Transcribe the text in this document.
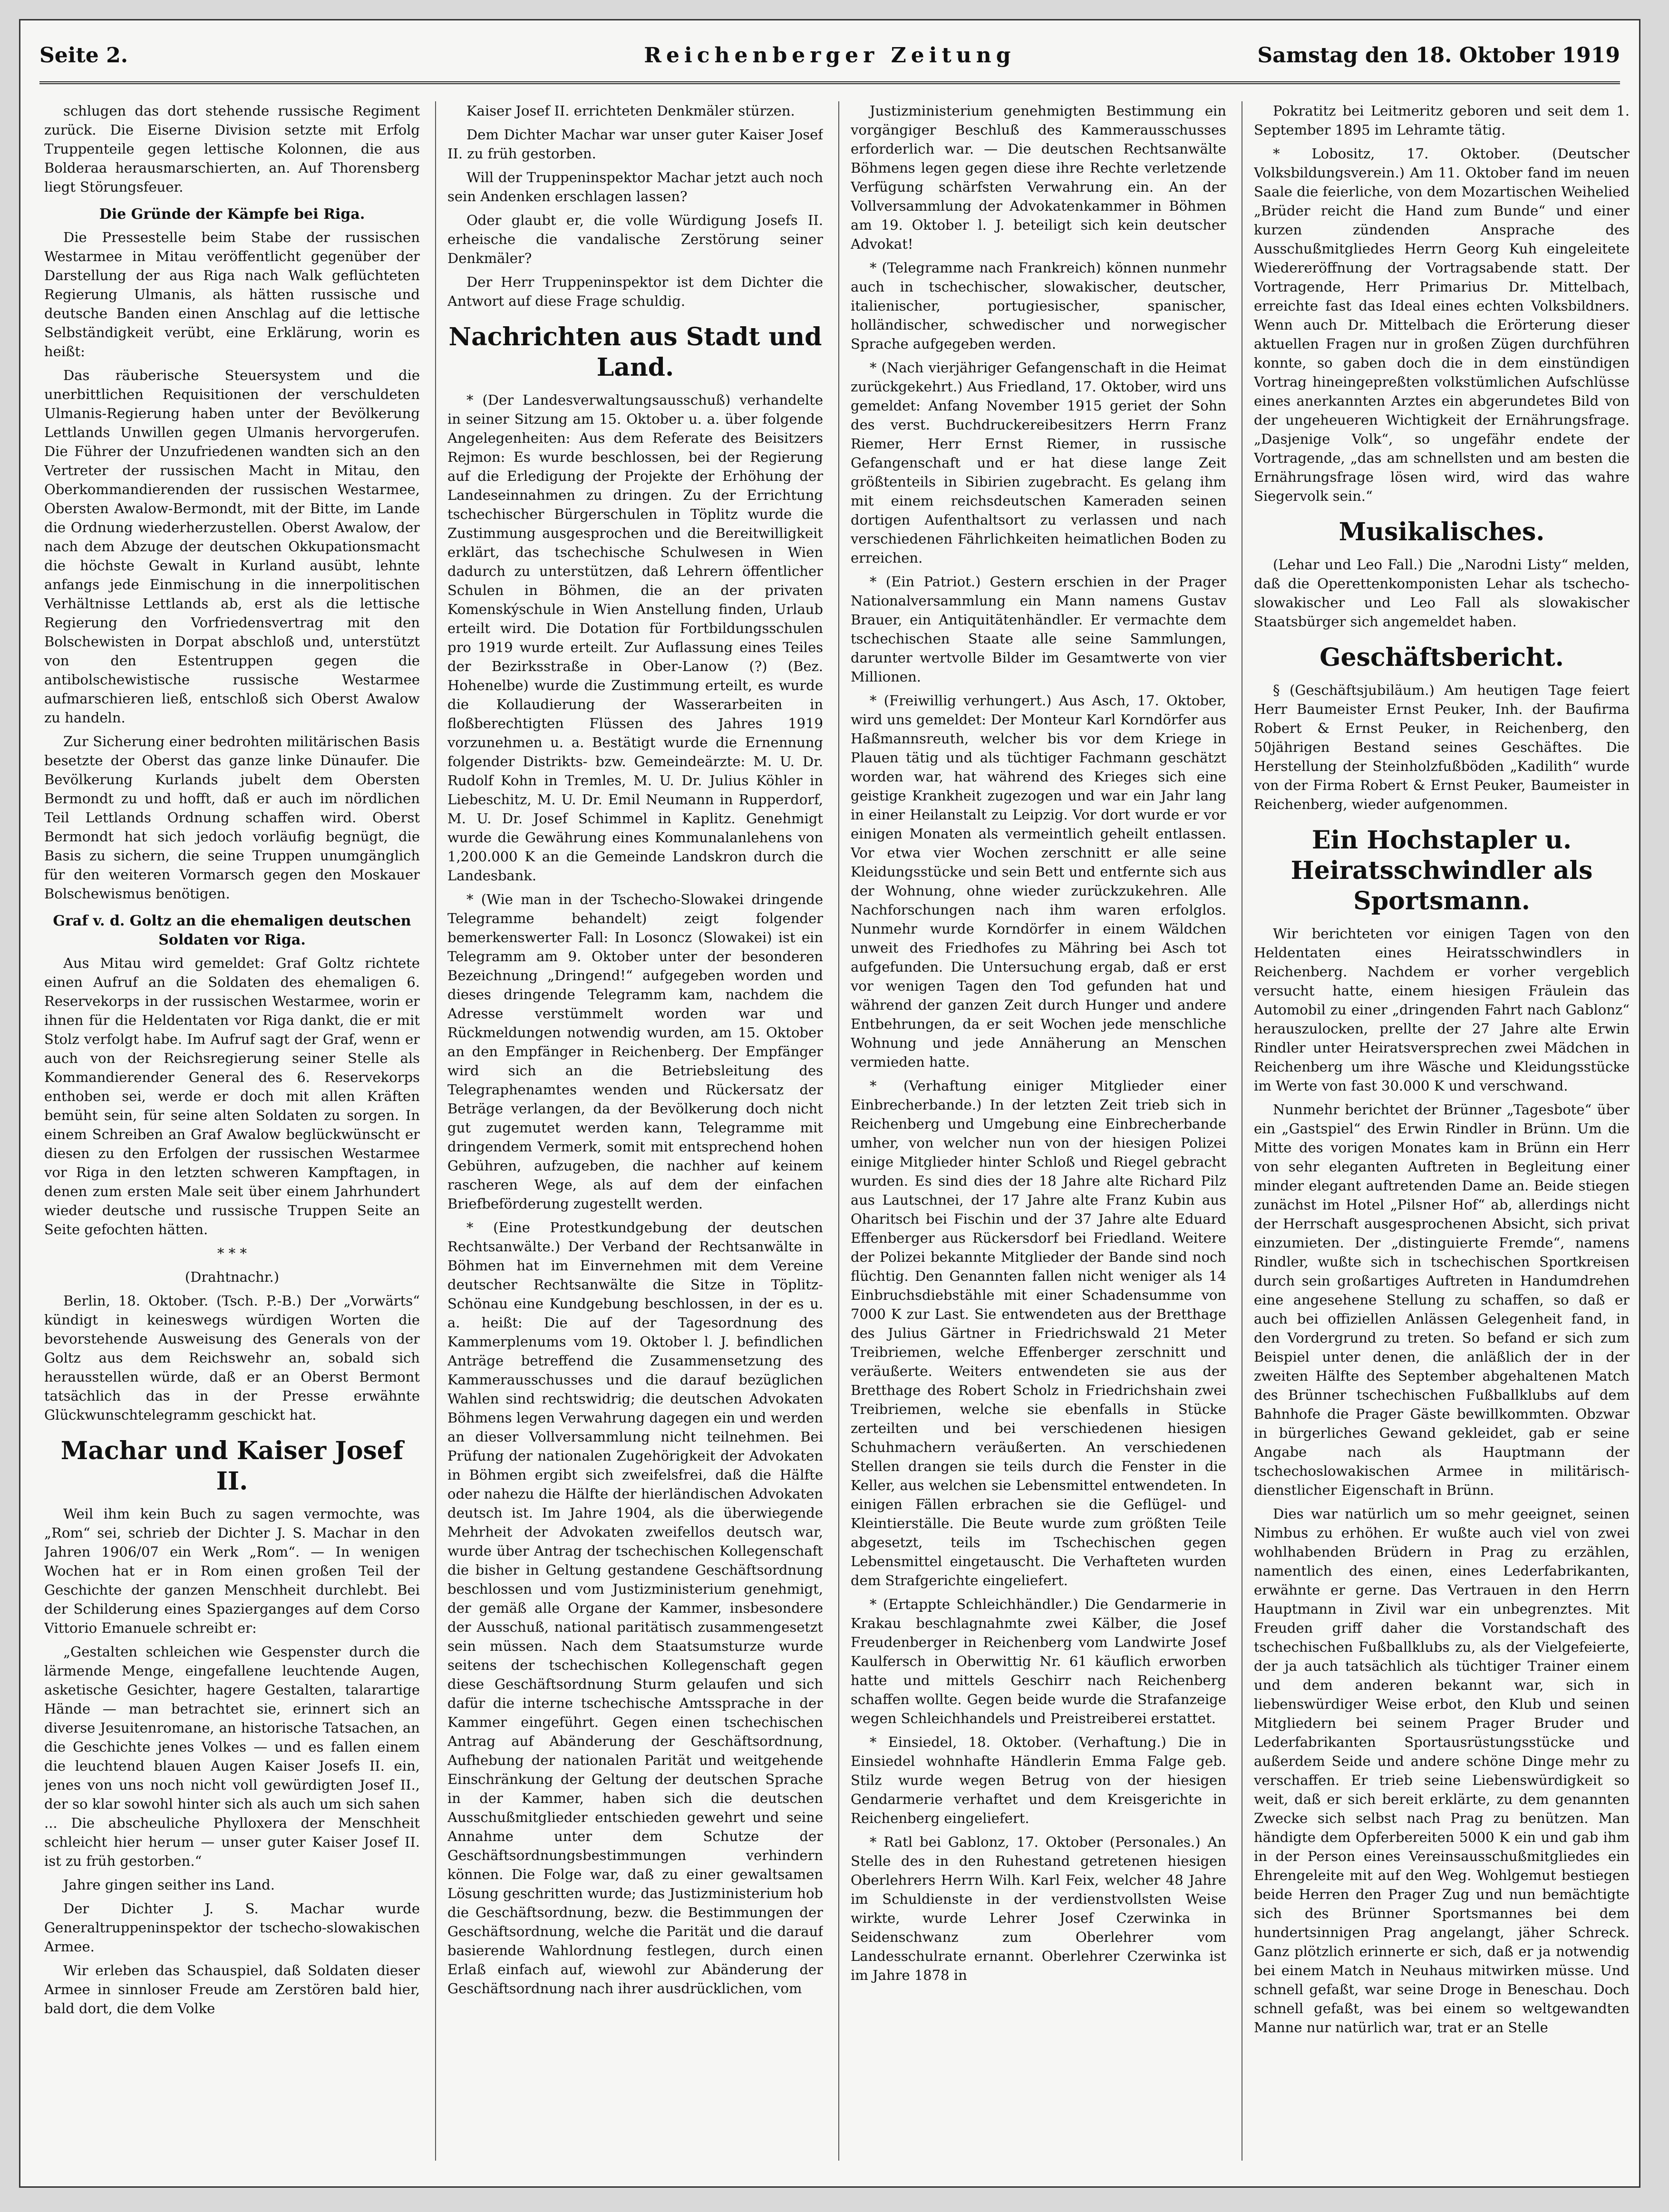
Reichenberger Zeitung
Seite 2.	Samstag den 18. Oktober 1919

schlugen das dort stehende russische Regiment zurück. Die Eiserne Division setzte mit Erfolg Truppenteile gegen lettische Kolonnen, die aus Bolderaa herausmarschierten, an. Auf Thorensberg liegt Störungsfeuer.

Die Gründe der Kämpfe bei Riga.

Die Pressestelle beim Stabe der russischen Westarmee in Mitau veröffentlicht gegenüber der Darstellung der aus Riga nach Walk geflüchteten Regierung Ulmanis, als hätten russische und deutsche Banden einen Anschlag auf die lettische Selbständigkeit verübt, eine Erklärung, worin es heißt:

Das räuberische Steuersystem und die unerbittlichen Requisitionen der verschuldeten Ulmanis-Regierung haben unter der Bevölkerung Lettlands Unwillen gegen Ulmanis hervorgerufen. Die Führer der Unzufriedenen wandten sich an den Vertreter der russischen Macht in Mitau, den Oberkommandierenden der russischen Westarmee, Obersten Awalow-Bermondt, mit der Bitte, im Lande die Ordnung wiederherzustellen. Oberst Awalow, der nach dem Abzuge der deutschen Okkupationsmacht die höchste Gewalt in Kurland ausübt, lehnte anfangs jede Einmischung in die innerpolitischen Verhältnisse Lettlands ab, erst als die lettische Regierung den Vorfriedensvertrag mit den Bolschewisten in Dorpat abschloß und, unterstützt von den Estentruppen gegen die antibolschewistische russische Westarmee aufmarschieren ließ, entschloß sich Oberst Awalow zu handeln.

Zur Sicherung einer bedrohten militärischen Basis besetzte der Oberst das ganze linke Dünaufer. Die Bevölkerung Kurlands jubelt dem Obersten Bermondt zu und hofft, daß er auch im nördlichen Teil Lettlands Ordnung schaffen wird. Oberst Bermondt hat sich jedoch vorläufig begnügt, die Basis zu sichern, die seine Truppen unumgänglich für den weiteren Vormarsch gegen den Moskauer Bolschewismus benötigen.

Graf v. d. Goltz an die ehemaligen deutschen Soldaten vor Riga.

Aus Mitau wird gemeldet: Graf Goltz richtete einen Aufruf an die Soldaten des ehemaligen 6. Reservekorps in der russischen Westarmee, worin er ihnen für die Heldentaten vor Riga dankt, die er mit Stolz verfolgt habe. Im Aufruf sagt der Graf, wenn er auch von der Reichsregierung seiner Stelle als Kommandierender General des 6. Reservekorps enthoben sei, werde er doch mit allen Kräften bemüht sein, für seine alten Soldaten zu sorgen. In einem Schreiben an Graf Awalow beglückwünscht er diesen zu den Erfolgen der russischen Westarmee vor Riga in den letzten schweren Kampftagen, in denen zum ersten Male seit über einem Jahrhundert wieder deutsche und russische Truppen Seite an Seite gefochten hätten.

* * *

(Drahtnachr.)

Berlin, 18. Oktober. (Tsch. P.-B.) Der „Vorwärts“ kündigt in keineswegs würdigen Worten die bevorstehende Ausweisung des Generals von der Goltz aus dem Reichswehr an, sobald sich herausstellen würde, daß er an Oberst Bermont tatsächlich das in der Presse erwähnte Glückwunschtelegramm geschickt hat.

Machar und Kaiser Josef II.

Weil ihm kein Buch zu sagen vermochte, was „Rom“ sei, schrieb der Dichter J. S. Machar in den Jahren 1906/07 ein Werk „Rom“. — In wenigen Wochen hat er in Rom einen großen Teil der Geschichte der ganzen Menschheit durchlebt. Bei der Schilderung eines Spazierganges auf dem Corso Vittorio Emanuele schreibt er:

„Gestalten schleichen wie Gespenster durch die lärmende Menge, eingefallene leuchtende Augen, asketische Gesichter, hagere Gestalten, talarartige Hände — man betrachtet sie, erinnert sich an diverse Jesuitenromane, an historische Tatsachen, an die Geschichte jenes Volkes — und es fallen einem die leuchtend blauen Augen Kaiser Josefs II. ein, jenes von uns noch nicht voll gewürdigten Josef II., der so klar sowohl hinter sich als auch um sich sahen ... Die abscheuliche Phylloxera der Menschheit schleicht hier herum — unser guter Kaiser Josef II. ist zu früh gestorben.“

Jahre gingen seither ins Land.

Der Dichter J. S. Machar wurde Generaltruppeninspektor der tschecho-slowakischen Armee.

Wir erleben das Schauspiel, daß Soldaten dieser Armee in sinnloser Freude am Zerstören bald hier, bald dort, die dem Volke

Kaiser Josef II. errichteten Denkmäler stürzen.

Dem Dichter Machar war unser guter Kaiser Josef II. zu früh gestorben.

Will der Truppeninspektor Machar jetzt auch noch sein Andenken erschlagen lassen?

Oder glaubt er, die volle Würdigung Josefs II. erheische die vandalische Zerstörung seiner Denkmäler?

Der Herr Truppeninspektor ist dem Dichter die Antwort auf diese Frage schuldig.

Nachrichten aus Stadt und Land.

* (Der Landesverwaltungsausschuß) verhandelte in seiner Sitzung am 15. Oktober u. a. über folgende Angelegenheiten: Aus dem Referate des Beisitzers Rejmon: Es wurde beschlossen, bei der Regierung auf die Erledigung der Projekte der Erhöhung der Landeseinnahmen zu dringen. Zu der Errichtung tschechischer Bürgerschulen in Töplitz wurde die Zustimmung ausgesprochen und die Bereitwilligkeit erklärt, das tschechische Schulwesen in Wien dadurch zu unterstützen, daß Lehrern öffentlicher Schulen in Böhmen, die an der privaten Komenskýschule in Wien Anstellung finden, Urlaub erteilt wird. Die Dotation für Fortbildungsschulen pro 1919 wurde erteilt. Zur Auflassung eines Teiles der Bezirksstraße in Ober-Lanow (?) (Bez. Hohenelbe) wurde die Zustimmung erteilt, es wurde die Kollaudierung der Wasserarbeiten in floßberechtigten Flüssen des Jahres 1919 vorzunehmen u. a. Bestätigt wurde die Ernennung folgender Distrikts- bzw. Gemeindeärzte: M. U. Dr. Rudolf Kohn in Tremles, M. U. Dr. Julius Köhler in Liebeschitz, M. U. Dr. Emil Neumann in Rupperdorf, M. U. Dr. Josef Schimmel in Kaplitz. Genehmigt wurde die Gewährung eines Kommunalanlehens von 1,200.000 K an die Gemeinde Landskron durch die Landesbank.

* (Wie man in der Tschecho-Slowakei dringende Telegramme behandelt) zeigt folgender bemerkenswerter Fall: In Losoncz (Slowakei) ist ein Telegramm am 9. Oktober unter der besonderen Bezeichnung „Dringend!“ aufgegeben worden und dieses dringende Telegramm kam, nachdem die Adresse verstümmelt worden war und Rückmeldungen notwendig wurden, am 15. Oktober an den Empfänger in Reichenberg. Der Empfänger wird sich an die Betriebsleitung des Telegraphenamtes wenden und Rückersatz der Beträge verlangen, da der Bevölkerung doch nicht gut zugemutet werden kann, Telegramme mit dringendem Vermerk, somit mit entsprechend hohen Gebühren, aufzugeben, die nachher auf keinem rascheren Wege, als auf dem der einfachen Briefbeförderung zugestellt werden.

* (Eine Protestkundgebung der deutschen Rechtsanwälte.) Der Verband der Rechtsanwälte in Böhmen hat im Einvernehmen mit dem Vereine deutscher Rechtsanwälte die Sitze in Töplitz-Schönau eine Kundgebung beschlossen, in der es u. a. heißt: Die auf der Tagesordnung des Kammerplenums vom 19. Oktober l. J. befindlichen Anträge betreffend die Zusammensetzung des Kammerausschusses und die darauf bezüglichen Wahlen sind rechtswidrig; die deutschen Advokaten Böhmens legen Verwahrung dagegen ein und werden an dieser Vollversammlung nicht teilnehmen. Bei Prüfung der nationalen Zugehörigkeit der Advokaten in Böhmen ergibt sich zweifelsfrei, daß die Hälfte oder nahezu die Hälfte der hierländischen Advokaten deutsch ist. Im Jahre 1904, als die überwiegende Mehrheit der Advokaten zweifellos deutsch war, wurde über Antrag der tschechischen Kollegenschaft die bisher in Geltung gestandene Geschäftsordnung beschlossen und vom Justizministerium genehmigt, der gemäß alle Organe der Kammer, insbesondere der Ausschuß, national paritätisch zusammengesetzt sein müssen. Nach dem Staatsumsturze wurde seitens der tschechischen Kollegenschaft gegen diese Geschäftsordnung Sturm gelaufen und sich dafür die interne tschechische Amtssprache in der Kammer eingeführt. Gegen einen tschechischen Antrag auf Abänderung der Geschäftsordnung, Aufhebung der nationalen Parität und weitgehende Einschränkung der Geltung der deutschen Sprache in der Kammer, haben sich die deutschen Ausschußmitglieder entschieden gewehrt und seine Annahme unter dem Schutze der Geschäftsordnungsbestimmungen verhindern können. Die Folge war, daß zu einer gewaltsamen Lösung geschritten wurde; das Justizministerium hob die Geschäftsordnung, bezw. die Bestimmungen der Geschäftsordnung, welche die Parität und die darauf basierende Wahlordnung festlegen, durch einen Erlaß einfach auf, wiewohl zur Abänderung der Geschäftsordnung nach ihrer ausdrücklichen, vom

Justizministerium genehmigten Bestimmung ein vorgängiger Beschluß des Kammerausschusses erforderlich war. — Die deutschen Rechtsanwälte Böhmens legen gegen diese ihre Rechte verletzende Verfügung schärfsten Verwahrung ein. An der Vollversammlung der Advokatenkammer in Böhmen am 19. Oktober l. J. beteiligt sich kein deutscher Advokat!

* (Telegramme nach Frankreich) können nunmehr auch in tschechischer, slowakischer, deutscher, italienischer, portugiesischer, spanischer, holländischer, schwedischer und norwegischer Sprache aufgegeben werden.

* (Nach vierjähriger Gefangenschaft in die Heimat zurückgekehrt.) Aus Friedland, 17. Oktober, wird uns gemeldet: Anfang November 1915 geriet der Sohn des verst. Buchdruckereibesitzers Herrn Franz Riemer, Herr Ernst Riemer, in russische Gefangenschaft und er hat diese lange Zeit größtenteils in Sibirien zugebracht. Es gelang ihm mit einem reichsdeutschen Kameraden seinen dortigen Aufenthaltsort zu verlassen und nach verschiedenen Fährlichkeiten heimatlichen Boden zu erreichen.

* (Ein Patriot.) Gestern erschien in der Prager Nationalversammlung ein Mann namens Gustav Brauer, ein Antiquitätenhändler. Er vermachte dem tschechischen Staate alle seine Sammlungen, darunter wertvolle Bilder im Gesamtwerte von vier Millionen.

* (Freiwillig verhungert.) Aus Asch, 17. Oktober, wird uns gemeldet: Der Monteur Karl Korndörfer aus Haßmannsreuth, welcher bis vor dem Kriege in Plauen tätig und als tüchtiger Fachmann geschätzt worden war, hat während des Krieges sich eine geistige Krankheit zugezogen und war ein Jahr lang in einer Heilanstalt zu Leipzig. Vor dort wurde er vor einigen Monaten als vermeintlich geheilt entlassen. Vor etwa vier Wochen zerschnitt er alle seine Kleidungsstücke und sein Bett und entfernte sich aus der Wohnung, ohne wieder zurückzukehren. Alle Nachforschungen nach ihm waren erfolglos. Nunmehr wurde Korndörfer in einem Wäldchen unweit des Friedhofes zu Mähring bei Asch tot aufgefunden. Die Untersuchung ergab, daß er erst vor wenigen Tagen den Tod gefunden hat und während der ganzen Zeit durch Hunger und andere Entbehrungen, da er seit Wochen jede menschliche Wohnung und jede Annäherung an Menschen vermieden hatte.

* (Verhaftung einiger Mitglieder einer Einbrecherbande.) In der letzten Zeit trieb sich in Reichenberg und Umgebung eine Einbrecherbande umher, von welcher nun von der hiesigen Polizei einige Mitglieder hinter Schloß und Riegel gebracht wurden. Es sind dies der 18 Jahre alte Richard Pilz aus Lautschnei, der 17 Jahre alte Franz Kubin aus Oharitsch bei Fischin und der 37 Jahre alte Eduard Effenberger aus Rückersdorf bei Friedland. Weitere der Polizei bekannte Mitglieder der Bande sind noch flüchtig. Den Genannten fallen nicht weniger als 14 Einbruchsdiebstähle mit einer Schadensumme von 7000 K zur Last. Sie entwendeten aus der Bretthage des Julius Gärtner in Friedrichswald 21 Meter Treibriemen, welche Effenberger zerschnitt und veräußerte. Weiters entwendeten sie aus der Bretthage des Robert Scholz in Friedrichshain zwei Treibriemen, welche sie ebenfalls in Stücke zerteilten und bei verschiedenen hiesigen Schuhmachern veräußerten. An verschiedenen Stellen drangen sie teils durch die Fenster in die Keller, aus welchen sie Lebensmittel entwendeten. In einigen Fällen erbrachen sie die Geflügel- und Kleintierställe. Die Beute wurde zum größten Teile abgesetzt, teils im Tschechischen gegen Lebensmittel eingetauscht. Die Verhafteten wurden dem Strafgerichte eingeliefert.

* (Ertappte Schleichhändler.) Die Gendarmerie in Krakau beschlagnahmte zwei Kälber, die Josef Freudenberger in Reichenberg vom Landwirte Josef Kaulfersch in Oberwittig Nr. 61 käuflich erworben hatte und mittels Geschirr nach Reichenberg schaffen wollte. Gegen beide wurde die Strafanzeige wegen Schleichhandels und Preistreiberei erstattet.

* Einsiedel, 18. Oktober. (Verhaftung.) Die in Einsiedel wohnhafte Händlerin Emma Falge geb. Stilz wurde wegen Betrug von der hiesigen Gendarmerie verhaftet und dem Kreisgerichte in Reichenberg eingeliefert.

* Ratl bei Gablonz, 17. Oktober (Personales.) An Stelle des in den Ruhestand getretenen hiesigen Oberlehrers Herrn Wilh. Karl Feix, welcher 48 Jahre im Schuldienste in der verdienstvollsten Weise wirkte, wurde Lehrer Josef Czerwinka in Seidenschwanz zum Oberlehrer vom Landesschulrate ernannt. Oberlehrer Czerwinka ist im Jahre 1878 in

Pokratitz bei Leitmeritz geboren und seit dem 1. September 1895 im Lehramte tätig.

* Lobositz, 17. Oktober. (Deutscher Volksbildungsverein.) Am 11. Oktober fand im neuen Saale die feierliche, von dem Mozartischen Weihelied „Brüder reicht die Hand zum Bunde“ und einer kurzen zündenden Ansprache des Ausschußmitgliedes Herrn Georg Kuh eingeleitete Wiedereröffnung der Vortragsabende statt. Der Vortragende, Herr Primarius Dr. Mittelbach, erreichte fast das Ideal eines echten Volksbildners. Wenn auch Dr. Mittelbach die Erörterung dieser aktuellen Fragen nur in großen Zügen durchführen konnte, so gaben doch die in dem einstündigen Vortrag hineingepreßten volkstümlichen Aufschlüsse eines anerkannten Arztes ein abgerundetes Bild von der ungeheueren Wichtigkeit der Ernährungsfrage. „Dasjenige Volk“, so ungefähr endete der Vortragende, „das am schnellsten und am besten die Ernährungsfrage lösen wird, wird das wahre Siegervolk sein.“

Musikalisches.

(Lehar und Leo Fall.) Die „Narodni Listy“ melden, daß die Operettenkomponisten Lehar als tschecho-slowakischer und Leo Fall als slowakischer Staatsbürger sich angemeldet haben.

Geschäftsbericht.

§ (Geschäftsjubiläum.) Am heutigen Tage feiert Herr Baumeister Ernst Peuker, Inh. der Baufirma Robert & Ernst Peuker, in Reichenberg, den 50jährigen Bestand seines Geschäftes. Die Herstellung der Steinholzfußböden „Kadilith“ wurde von der Firma Robert & Ernst Peuker, Baumeister in Reichenberg, wieder aufgenommen.

Ein Hochstapler u. Heiratsschwindler als Sportsmann.

Wir berichteten vor einigen Tagen von den Heldentaten eines Heiratsschwindlers in Reichenberg. Nachdem er vorher vergeblich versucht hatte, einem hiesigen Fräulein das Automobil zu einer „dringenden Fahrt nach Gablonz“ herauszulocken, prellte der 27 Jahre alte Erwin Rindler unter Heiratsversprechen zwei Mädchen in Reichenberg um ihre Wäsche und Kleidungsstücke im Werte von fast 30.000 K und verschwand.

Nunmehr berichtet der Brünner „Tagesbote“ über ein „Gastspiel“ des Erwin Rindler in Brünn. Um die Mitte des vorigen Monates kam in Brünn ein Herr von sehr eleganten Auftreten in Begleitung einer minder elegant auftretenden Dame an. Beide stiegen zunächst im Hotel „Pilsner Hof“ ab, allerdings nicht der Herrschaft ausgesprochenen Absicht, sich privat einzumieten. Der „distinguierte Fremde“, namens Rindler, wußte sich in tschechischen Sportkreisen durch sein großartiges Auftreten in Handumdrehen eine angesehene Stellung zu schaffen, so daß er auch bei offiziellen Anlässen Gelegenheit fand, in den Vordergrund zu treten. So befand er sich zum Beispiel unter denen, die anläßlich der in der zweiten Hälfte des September abgehaltenen Match des Brünner tschechischen Fußballklubs auf dem Bahnhofe die Prager Gäste bewillkommten. Obzwar in bürgerliches Gewand gekleidet, gab er seine Angabe nach als Hauptmann der tschechoslowakischen Armee in militärisch-dienstlicher Eigenschaft in Brünn.

Dies war natürlich um so mehr geeignet, seinen Nimbus zu erhöhen. Er wußte auch viel von zwei wohlhabenden Brüdern in Prag zu erzählen, namentlich des einen, eines Lederfabrikanten, erwähnte er gerne. Das Vertrauen in den Herrn Hauptmann in Zivil war ein unbegrenztes. Mit Freuden griff daher die Vorstandschaft des tschechischen Fußballklubs zu, als der Vielgefeierte, der ja auch tatsächlich als tüchtiger Trainer einem und dem anderen bekannt war, sich in liebenswürdiger Weise erbot, den Klub und seinen Mitgliedern bei seinem Prager Bruder und Lederfabrikanten Sportausrüstungsstücke und außerdem Seide und andere schöne Dinge mehr zu verschaffen. Er trieb seine Liebenswürdigkeit so weit, daß er sich bereit erklärte, zu dem genannten Zwecke sich selbst nach Prag zu benützen. Man händigte dem Opferbereiten 5000 K ein und gab ihm in der Person eines Vereinsausschußmitgliedes ein Ehrengeleite mit auf den Weg. Wohlgemut bestiegen beide Herren den Prager Zug und nun bemächtigte sich des Brünner Sportsmannes bei dem hundertsinnigen Prag angelangt, jäher Schreck. Ganz plötzlich erinnerte er sich, daß er ja notwendig bei einem Match in Neuhaus mitwirken müsse. Und schnell gefaßt, war seine Droge in Beneschau. Doch schnell gefaßt, was bei einem so weltgewandten Manne nur natürlich war, trat er an Stelle
